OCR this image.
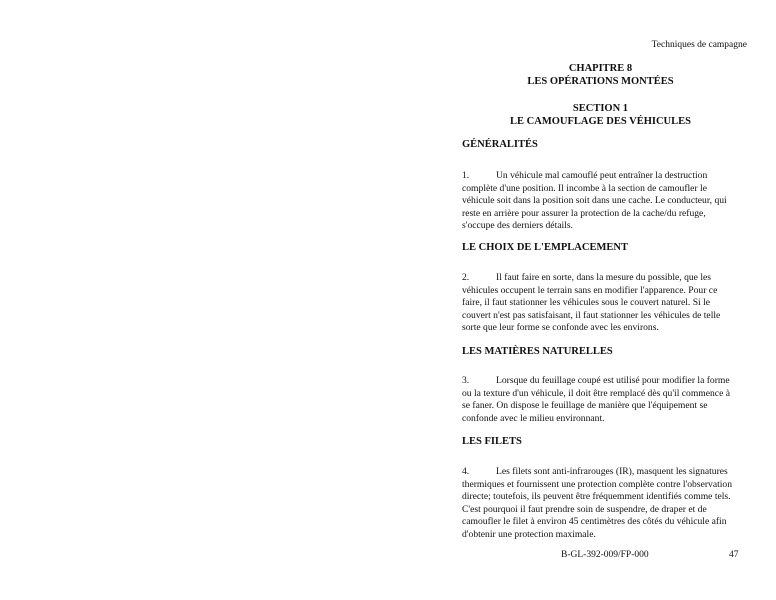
Techniques de campagne
CHAPITRE 8
LES OPÉRATIONS MONTÉES
SECTION 1
LE CAMOUFLAGE DES VÉHICULES
GÉNÉRALITÉS
1.	Un véhicule mal camouflé peut entraîner la destruction complète d'une position. Il incombe à la section de camoufler le véhicule soit dans la position soit dans une cache. Le conducteur, qui reste en arrière pour assurer la protection de la cache/du refuge, s'occupe des derniers détails.
LE CHOIX DE L'EMPLACEMENT
2.	Il faut faire en sorte, dans la mesure du possible, que les véhicules occupent le terrain sans en modifier l'apparence. Pour ce faire, il faut stationner les véhicules sous le couvert naturel. Si le couvert n'est pas satisfaisant, il faut stationner les véhicules de telle sorte que leur forme se confonde avec les environs.
LES MATIÈRES NATURELLES
3.	Lorsque du feuillage coupé est utilisé pour modifier la forme ou la texture d'un véhicule, il doit être remplacé dès qu'il commence à se faner. On dispose le feuillage de manière que l'équipement se confonde avec le milieu environnant.
LES FILETS
4.	Les filets sont anti-infrarouges (IR), masquent les signatures thermiques et fournissent une protection complète contre l'observation directe; toutefois, ils peuvent être fréquemment identifiés comme tels. C'est pourquoi il faut prendre soin de suspendre, de draper et de camoufler le filet à environ 45 centimètres des côtés du véhicule afin d'obtenir une protection maximale.
B-GL-392-009/FP-000	47
